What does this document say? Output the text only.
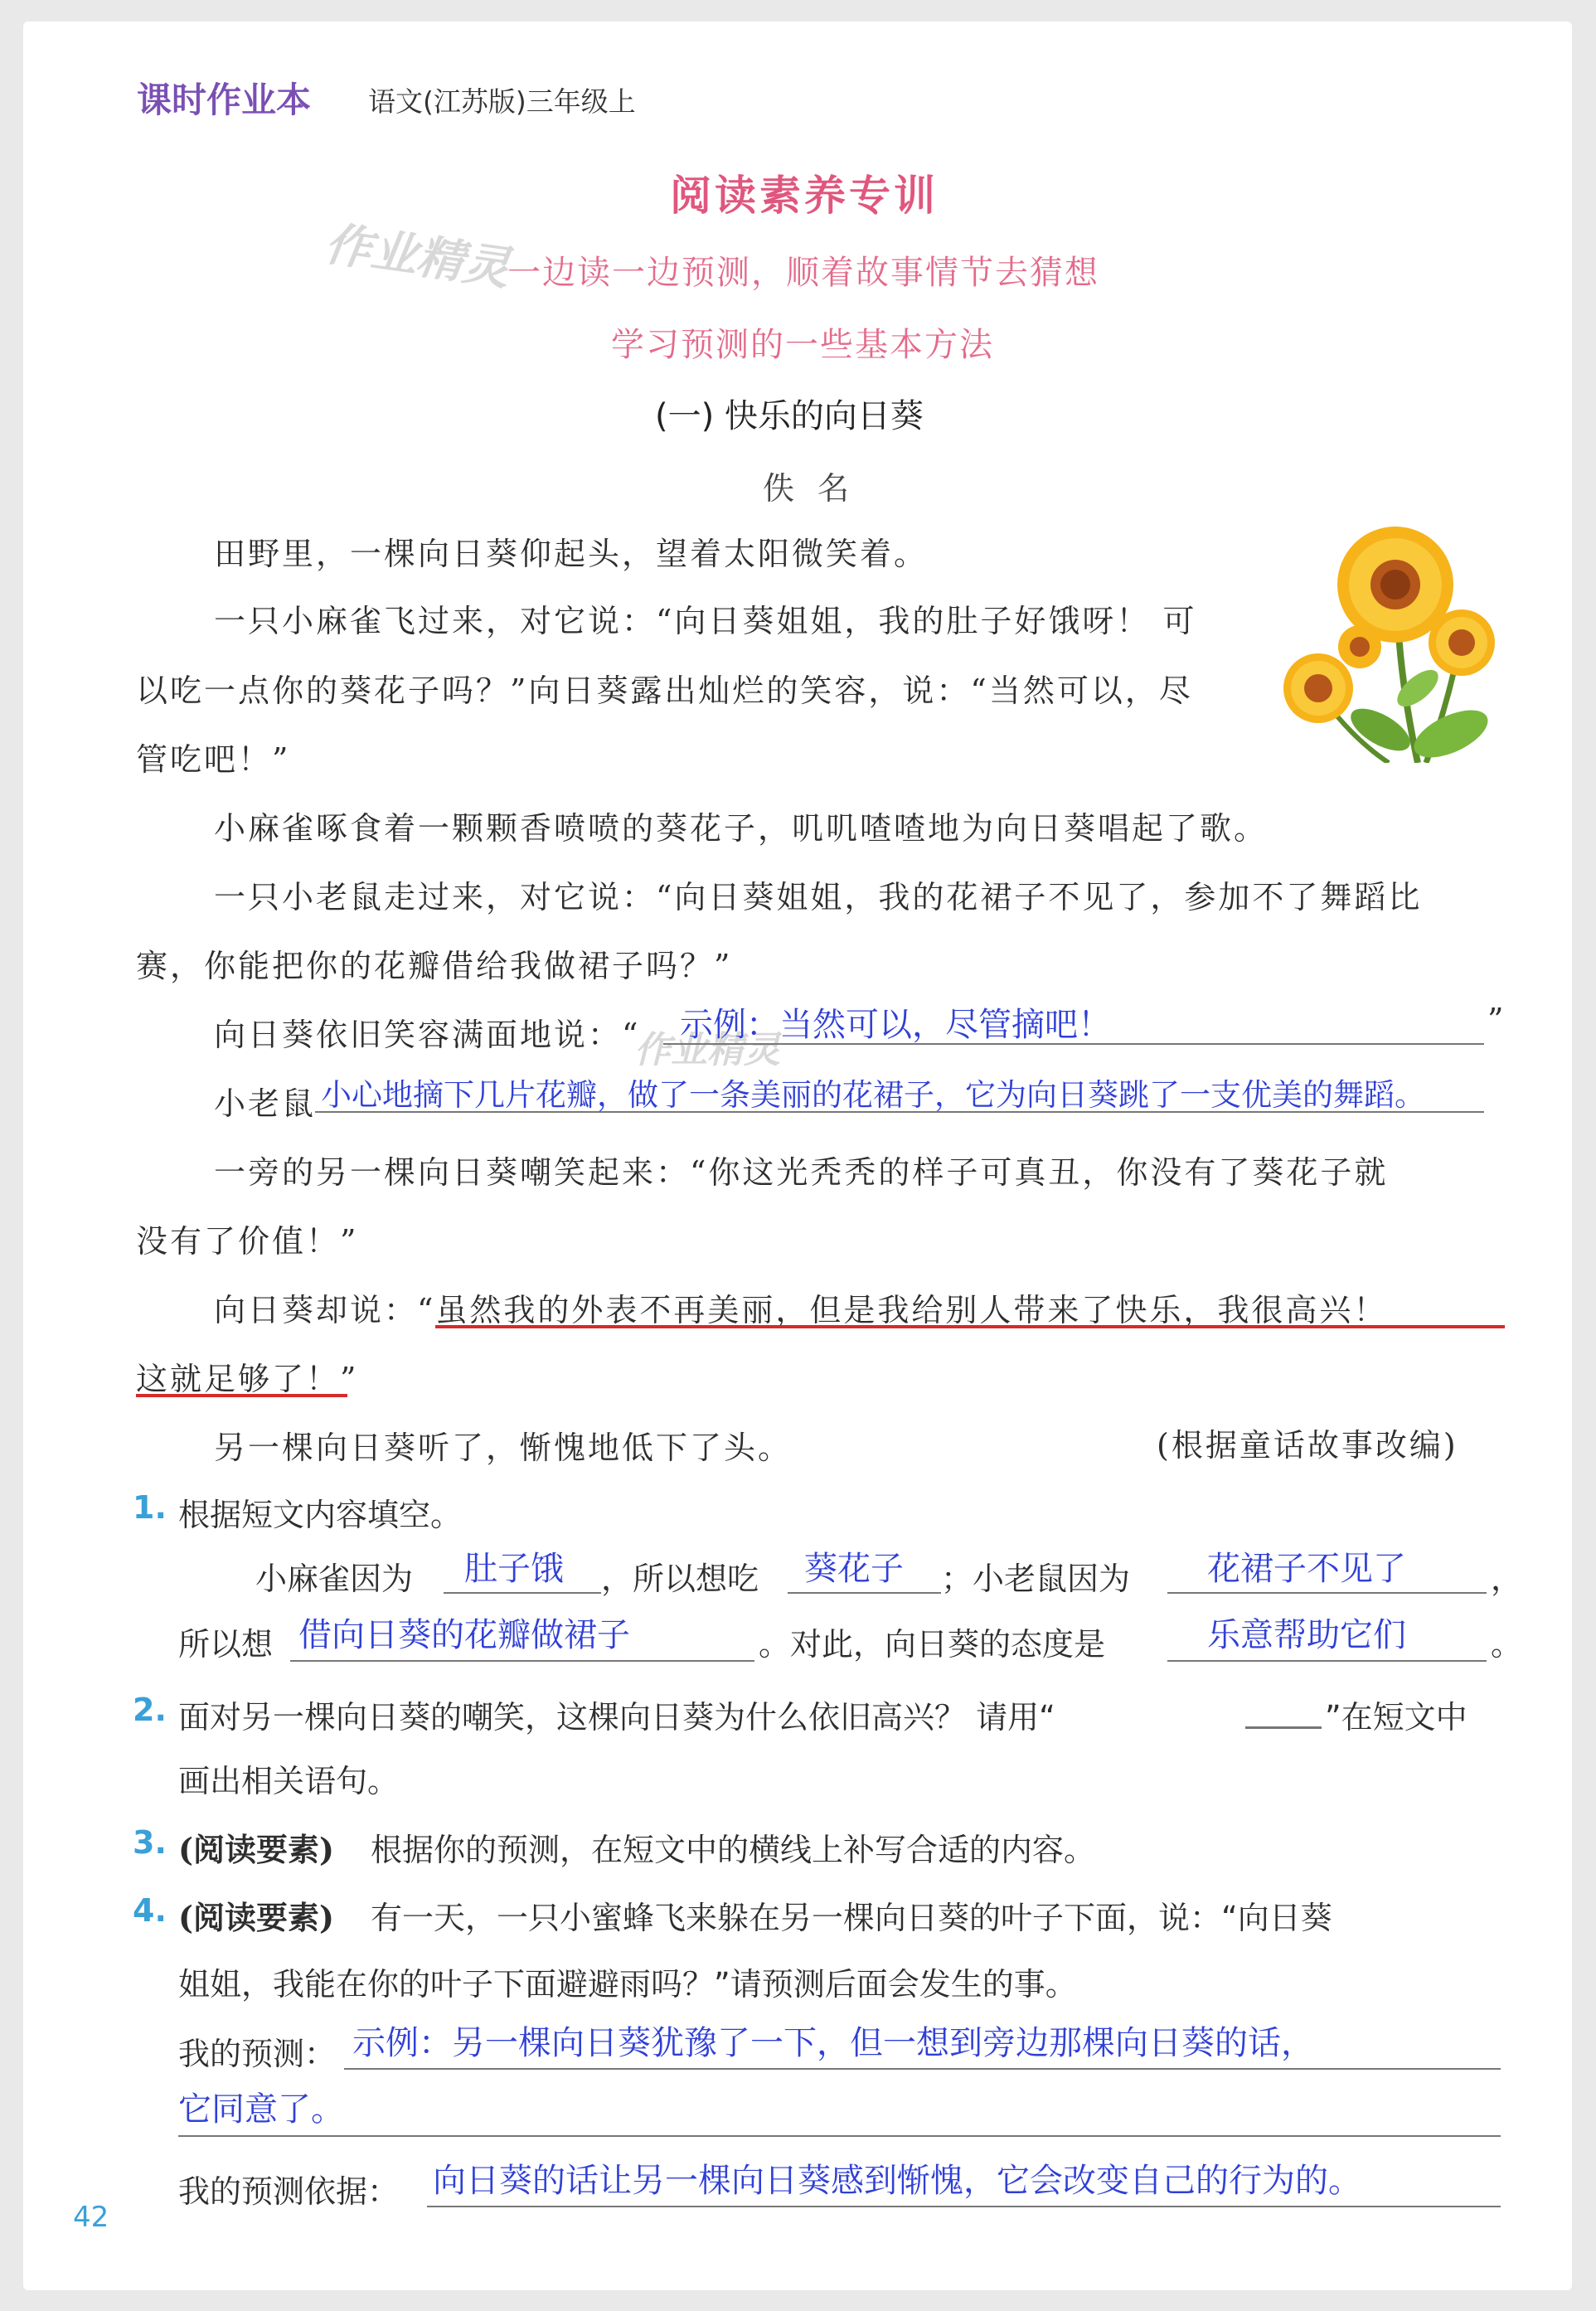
课时作业本 语文(江苏版)三年级上
阅读素养专训
作业精灵
一边读一边预测，顺着故事情节去猜想
学习预测的一些基本方法
(一) 快乐的向日葵
佚名
田野里，一棵向日葵仰起头，望着太阳微笑着。
一只小麻雀飞过来，对它说：“向日葵姐姐，我的肚子好饿呀！ 可
以吃一点你的葵花子吗？”向日葵露出灿烂的笑容，说：“当然可以，尽
管吃吧！”
小麻雀啄食着一颗颗香喷喷的葵花子，叽叽喳喳地为向日葵唱起了歌。
一只小老鼠走过来，对它说：“向日葵姐姐，我的花裙子不见了，参加不了舞蹈比
赛，你能把你的花瓣借给我做裙子吗？”
向日葵依旧笑容满面地说：“
作业精灵
示例：当然可以，尽管摘吧！	”
小老鼠 小心地摘下几片花瓣，做了一条美丽的花裙子，它为向日葵跳了一支优美的舞蹈。
一旁的另一棵向日葵嘲笑起来：“你这光秃秃的样子可真丑，你没有了葵花子就
没有了价值！”
向日葵却说：
“虽然我的外表不再美丽，但是我给别人带来了快乐，我很高兴！
这就足够了！”
另一棵向日葵听了，惭愧地低下了头。	(根据童话故事改编)
1. 根据短文内容填空。
小麻雀因为 肚子饿 ，所以想吃 葵花子 ；小老鼠因为 花裙子不见了	，
所以想 借向日葵的花瓣做裙子	。对此，向日葵的态度是	乐意帮助它们	。
2. 面对另一棵向日葵的嘲笑，这棵向日葵为什么依旧高兴？ 请用“	”在短文中
画出相关语句。
3. (阅读要素) 根据你的预测，在短文中的横线上补写合适的内容。
4. (阅读要素) 有一天，一只小蜜蜂飞来躲在另一棵向日葵的叶子下面，说：“向日葵
姐姐，我能在你的叶子下面避避雨吗？”请预测后面会发生的事。
我的预测： 示例：另一棵向日葵犹豫了一下，但一想到旁边那棵向日葵的话，
它同意了。
我的预测依据： 向日葵的话让另一棵向日葵感到惭愧，它会改变自己的行为的。
42
